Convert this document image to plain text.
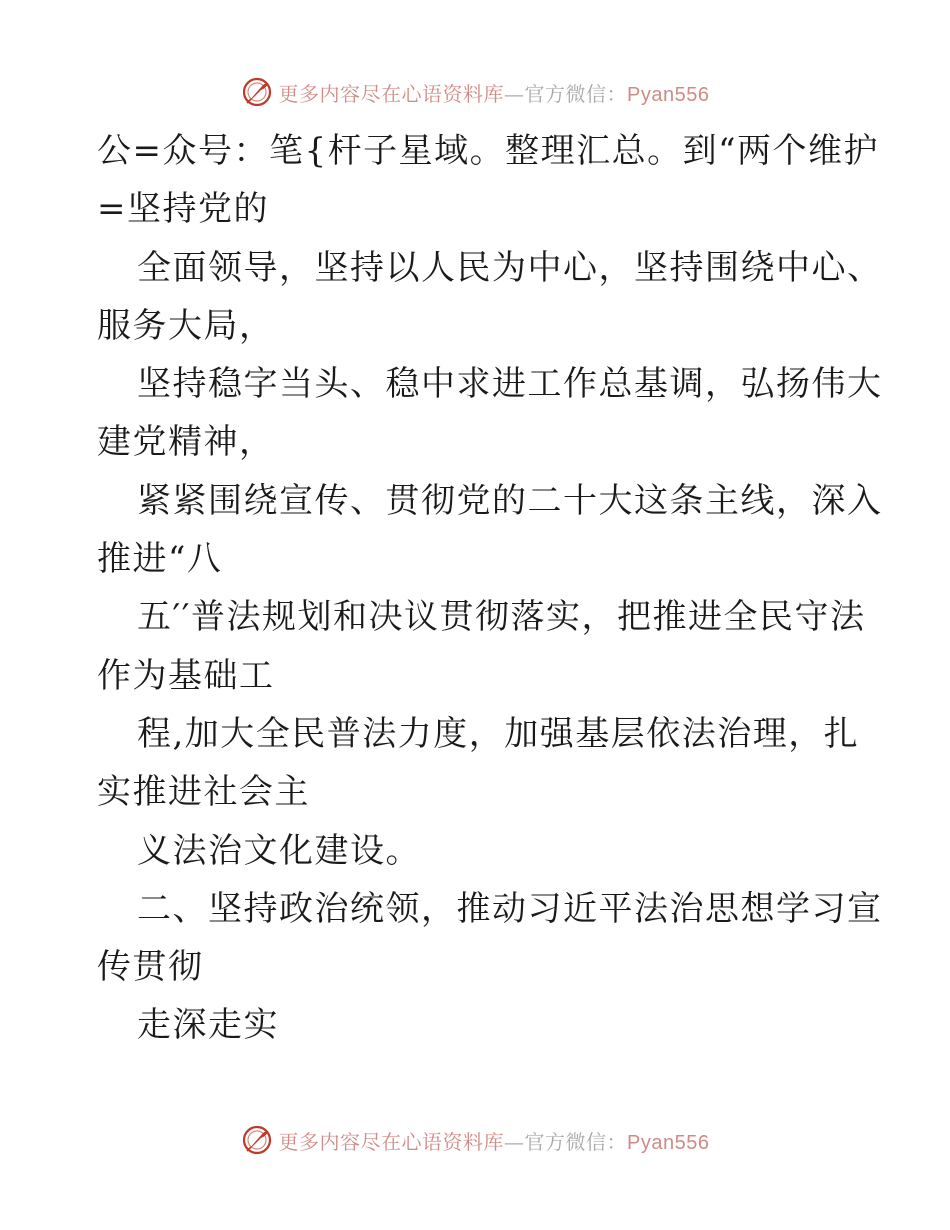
更多内容尽在心语资料库—官方微信：Pyan556
公=众号：笔{杆子星域。整理汇总。到“两个维护
=坚持党的
全面领导，坚持以人民为中心，坚持围绕中心、
服务大局，
坚持稳字当头、稳中求进工作总基调，弘扬伟大
建党精神，
紧紧围绕宣传、贯彻党的二十大这条主线，深入
推进“八
五′′普法规划和决议贯彻落实，把推进全民守法
作为基础工
程,加大全民普法力度，加强基层依法治理，扎
实推进社会主
义法治文化建设。
二、坚持政治统领，推动习近平法治思想学习宣
传贯彻
走深走实
更多内容尽在心语资料库—官方微信：Pyan556
